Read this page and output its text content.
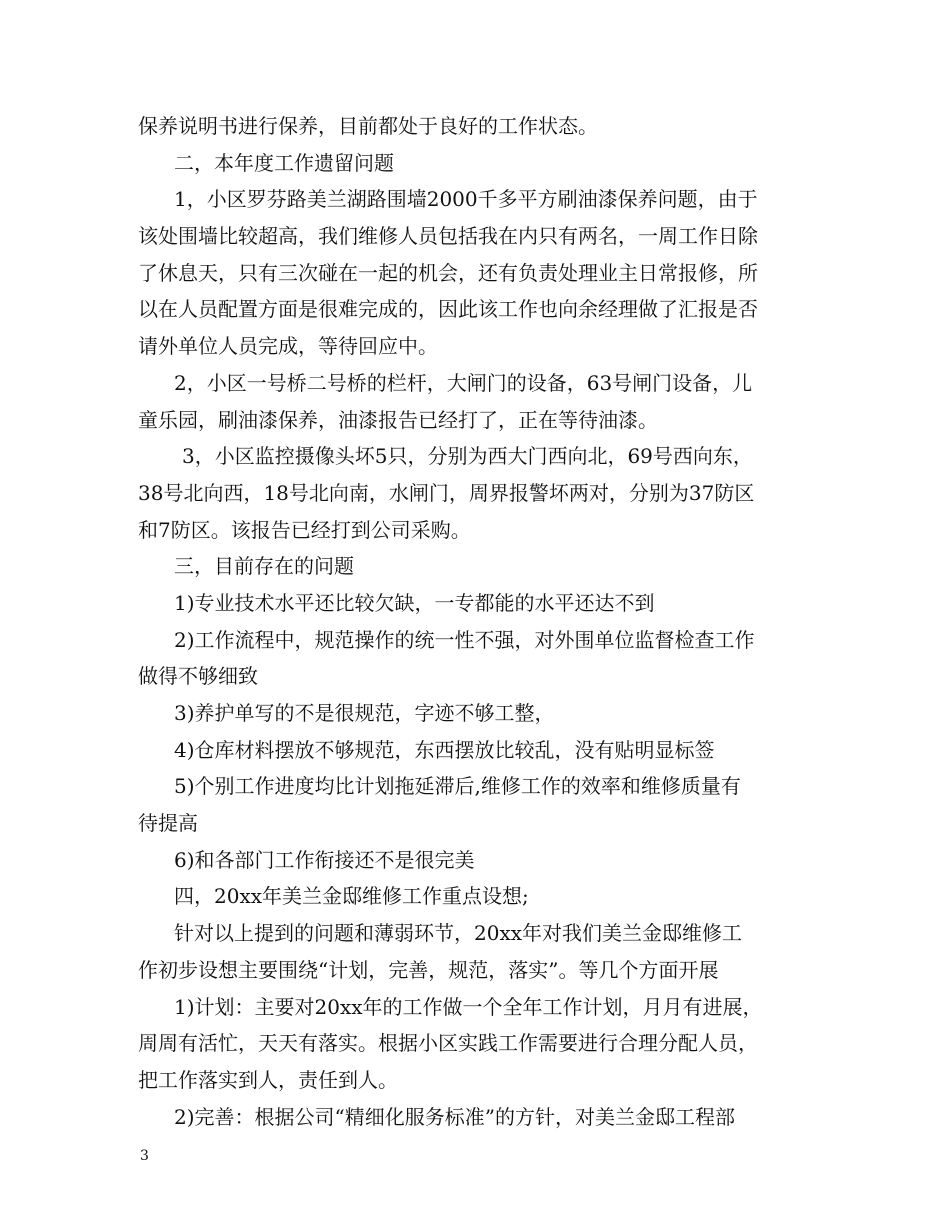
保养说明书进行保养，目前都处于良好的工作状态。
二，本年度工作遗留问题
1，小区罗芬路美兰湖路围墙2000千多平方刷油漆保养问题，由于
该处围墙比较超高，我们维修人员包括我在内只有两名，一周工作日除
了休息天，只有三次碰在一起的机会，还有负责处理业主日常报修，所
以在人员配置方面是很难完成的，因此该工作也向余经理做了汇报是否
请外单位人员完成，等待回应中。
2，小区一号桥二号桥的栏杆，大闸门的设备，63号闸门设备，儿
童乐园，刷油漆保养，油漆报告已经打了，正在等待油漆。
3，小区监控摄像头坏5只，分别为西大门西向北，69号西向东，
38号北向西，18号北向南，水闸门，周界报警坏两对，分别为37防区
和7防区。该报告已经打到公司采购。
三，目前存在的问题
1)专业技术水平还比较欠缺，一专都能的水平还达不到
2)工作流程中，规范操作的统一性不强，对外围单位监督检查工作
做得不够细致
3)养护单写的不是很规范，字迹不够工整，
4)仓库材料摆放不够规范，东西摆放比较乱，没有贴明显标签
5)个别工作进度均比计划拖延滞后,维修工作的效率和维修质量有
待提高
6)和各部门工作衔接还不是很完美
四，20xx年美兰金邸维修工作重点设想;
针对以上提到的问题和薄弱环节，20xx年对我们美兰金邸维修工
作初步设想主要围绕“计划，完善，规范，落实”。等几个方面开展
1)计划：主要对20xx年的工作做一个全年工作计划，月月有进展，
周周有活忙，天天有落实。根据小区实践工作需要进行合理分配人员，
把工作落实到人，责任到人。
2)完善：根据公司“精细化服务标准”的方针，对美兰金邸工程部
3
